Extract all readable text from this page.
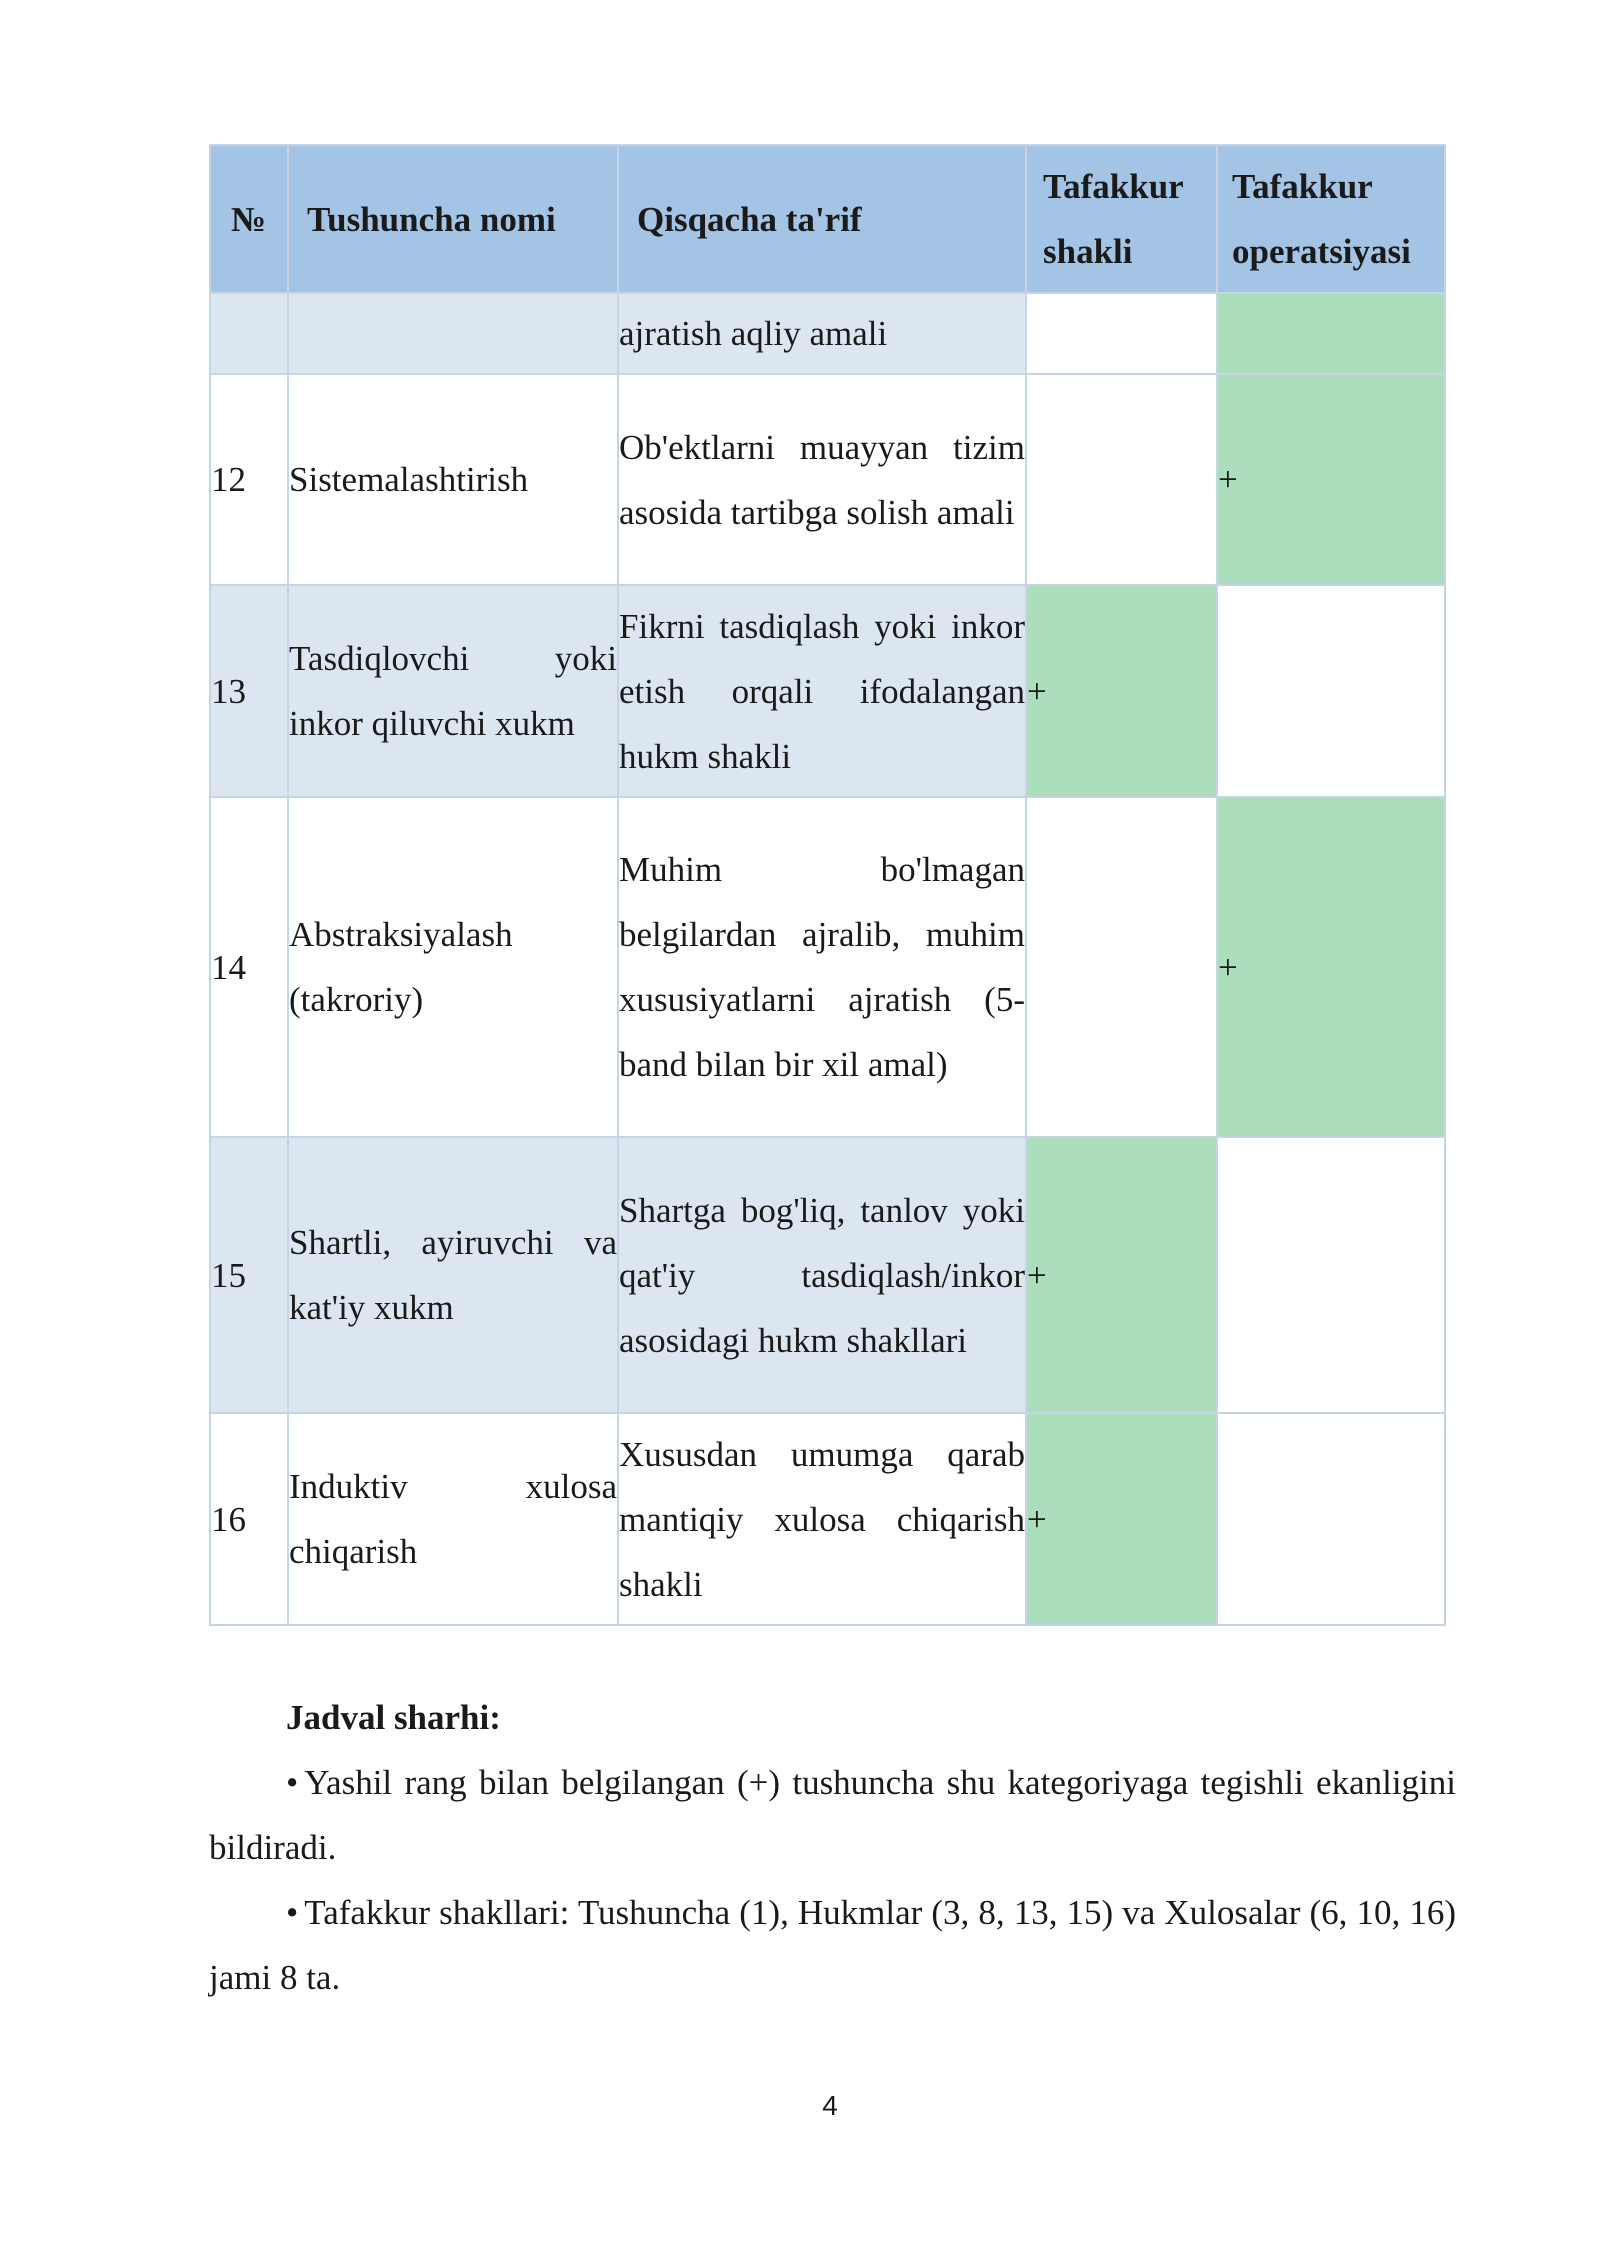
№	Tushuncha nomi	Qisqacha ta'rif	Tafakkur shakli	Tafakkur operatsiyasi

		ajratish aqliy amali		
12	Sistemalashtirish	Ob'ektlarni muayyan tizim asosida tartibga solish amali		+
13	Tasdiqlovchi yoki inkor qiluvchi xukm	Fikrni tasdiqlash yoki inkor etish orqali ifodalangan hukm shakli	+	
14	Abstraksiyalash (takroriy)	Muhim bo'lmagan belgilardan ajralib, muhim xususiyatlarni ajratish (5-band bilan bir xil amal)		+
15	Shartli, ayiruvchi va kat'iy xukm	Shartga bog'liq, tanlov yoki qat'iy tasdiqlash/inkor asosidagi hukm shakllari	+	
16	Induktiv xulosa chiqarish	Xususdan umumga qarab mantiqiy xulosa chiqarish shakli	+	
Jadval sharhi:

• Yashil rang bilan belgilangan (+) tushuncha shu kategoriyaga tegishli ekanligini bildiradi.

• Tafakkur shakllari: Tushuncha (1), Hukmlar (3, 8, 13, 15) va Xulosalar (6, 10, 16) jami 8 ta.

4
